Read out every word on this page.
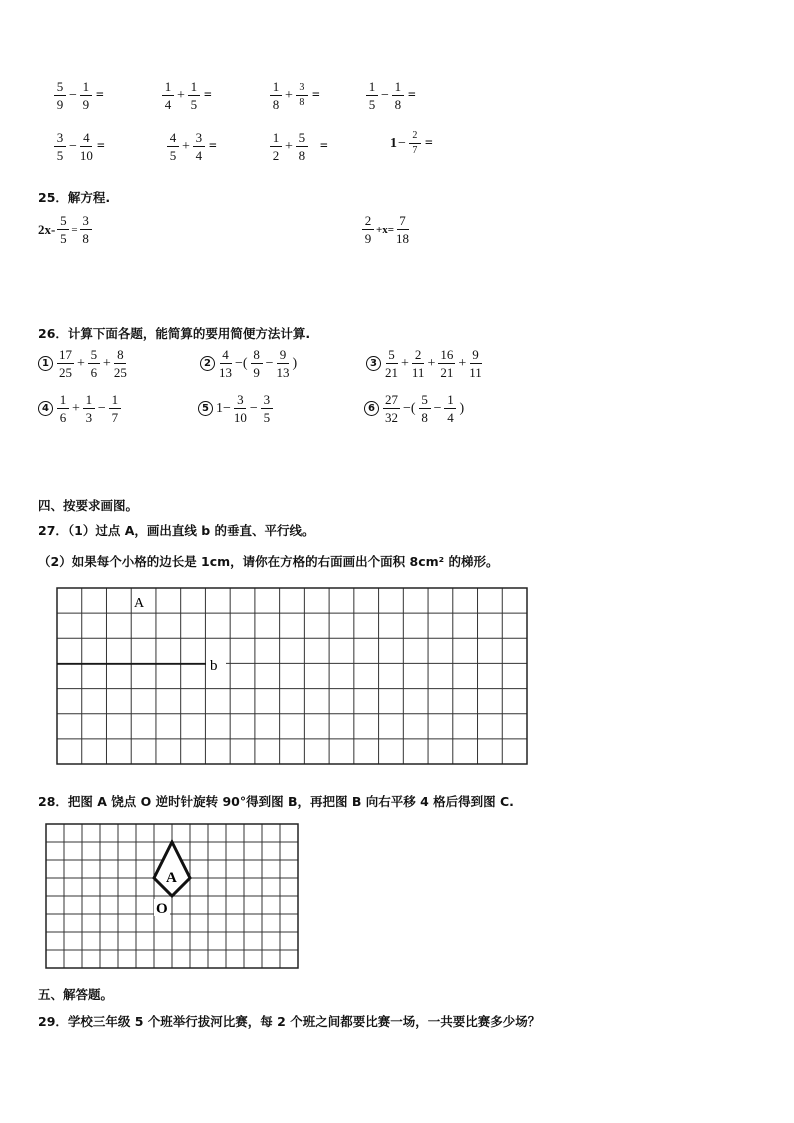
$\frac{5}{9} - \frac{1}{9}$ =	$\frac{1}{4} + \frac{1}{5}$ =	$\frac{1}{8} + \frac{3}{8}$ =	$\frac{1}{5} - \frac{1}{8}$ =
$\frac{3}{5} - \frac{4}{10}$ =	$\frac{4}{5} + \frac{3}{4}$ =	$\frac{1}{2} + \frac{5}{8}$ =	$1 - \frac{2}{7}$ =
25．解方程.
$2x- \frac{5}{5} = \frac{3}{8}$	$\frac{2}{9} +x= \frac{7}{18}$
26．计算下面各题，能简算的要用简便方法计算.
$1 \frac{17}{25} + \frac{5}{6} + \frac{8}{25}$	$2 \frac{4}{13}$ −( $\frac{8}{9} - \frac{9}{13}$ )	$3 \frac{5}{21} + \frac{2}{11} + \frac{16}{21} + \frac{9}{11}$
$4 \frac{1}{6} + \frac{1}{3} - \frac{1}{7}$	5 $1- \frac{3}{10} - \frac{3}{5}$	$6 \frac{27}{32}$ −( $\frac{5}{8} - \frac{1}{4}$ )
四、按要求画图。
27．（1）过点 A，画出直线 b 的垂直、平行线。
（2）如果每个小格的边长是 1cm，请你在方格的右面画出个面积 8cm² 的梯形。
b
A
28．把图 A 饶点 O 逆时针旋转 90°得到图 B，再把图 B 向右平移 4 格后得到图 C.
A
O
五、解答题。
29．学校三年级 5 个班举行拔河比赛，每 2 个班之间都要比赛一场，一共要比赛多少场？
